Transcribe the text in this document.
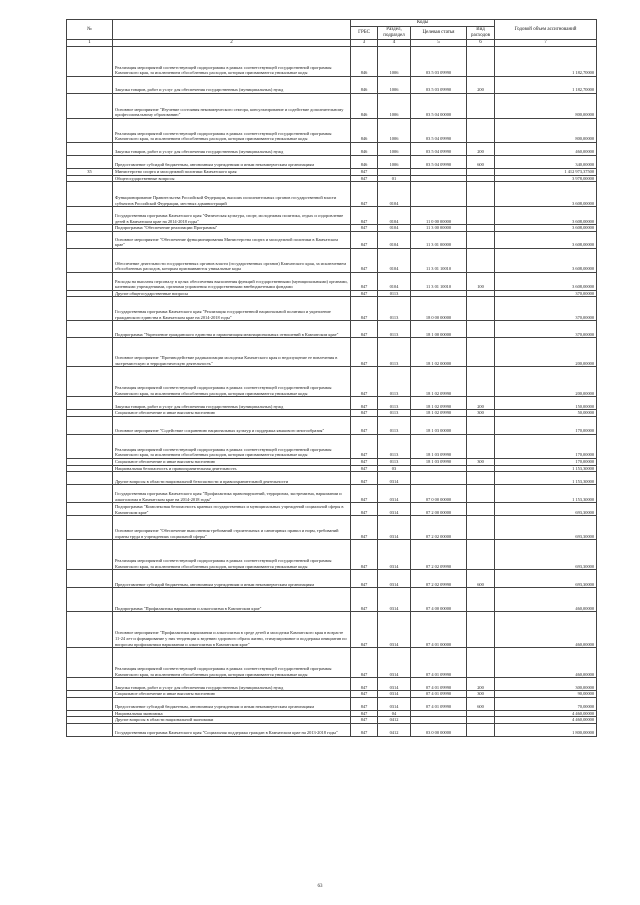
№		Коды				Годовой объем ассигнований
		ГРБС	Раздел, подраздел	Целевая статья	Вид расходов	
1	2	3	4	5	6	7
	Реализация мероприятий соответствующей подпрограммы в рамках соответствующей государственной программы Камчатского края, за исключением обособленных расходов, которым присваиваются уникальные коды	846	1006	03 5 03 09990		1 182,70000
	Закупка товаров, работ и услуг для обеспечения государственных (муниципальных) нужд	846	1006	03 5 03 09990	200	1 182,70000
	Основное мероприятие "Изучение состояния некоммерческого сектора, консультирование и содействие дополнительному профессиональному образованию"	846	1006	03 5 04 00000		800,00000
	Реализация мероприятий соответствующей подпрограммы в рамках соответствующей государственной программы Камчатского края, за исключением обособленных расходов, которым присваиваются уникальные коды	846	1006	03 5 04 09990		800,00000
	Закупка товаров, работ и услуг для обеспечения государственных (муниципальных) нужд	846	1006	03 5 04 09990	200	460,00000
	Предоставление субсидий бюджетным, автономным учреждениям и иным некоммерческим организациям	846	1006	03 5 04 09990	600	340,00000
35	Министерство спорта и молодежной политики Камчатского края	847				1 412 973,37500
	Общегосударственные вопросы	847	01			3 978,00000
	Функционирование Правительства Российской Федерации, высших исполнительных органов государственной власти субъектов Российской Федерации, местных администраций	847	0104			3 608,00000
	Государственная программа Камчатского края "Физическая культура, спорт, молодежная политика, отдых и оздоровление детей в Камчатском крае на 2014-2018 годы"	847	0104	11 0 00 00000		3 608,00000
	Подпрограмма "Обеспечение реализации Программы"	847	0104	11 3 00 00000		3 608,00000
	Основное мероприятие "Обеспечение функционирования Министерства спорта и молодежной политики в Камчатском крае"	847	0104	11 3 01 00000		3 608,00000
	Обеспечение деятельности государственных органов власти (государственных органов) Камчатского края, за исключением обособленных расходов, которым присваиваются уникальные коды	847	0104	11 3 01 10010		3 608,00000
	Расходы на выплаты персоналу в целях обеспечения выполнения функций государственными (муниципальными) органами, казенными учреждениями, органами управления государственными внебюджетными фондами	847	0104	11 3 01 10010	100	3 608,00000
	Другие общегосударственные вопросы	847	0113			370,00000
	Государственная программа Камчатского края "Реализация государственной национальной политики и укрепление гражданского единства в Камчатском крае на 2014-2018 годы"	847	0113	18 0 00 00000		370,00000
	Подпрограмма "Укрепление гражданского единства и гармонизация межнациональных отношений в Камчатском крае"	847	0113	18 1 00 00000		370,00000
	Основное мероприятие "Противодействие радикализации молодежи Камчатского края и недопущение ее вовлечения в экстремистскую и террористическую деятельность"	847	0113	18 1 02 00000		200,00000
	Реализация мероприятий соответствующей подпрограммы в рамках соответствующей государственной программы Камчатского края, за исключением обособленных расходов, которым присваиваются уникальные коды	847	0113	18 1 02 09990		200,00000
	Закупка товаров, работ и услуг для обеспечения государственных (муниципальных) нужд	847	0113	18 1 02 09990	200	150,00000
	Социальное обеспечение и иные выплаты населению	847	0113	18 1 02 09990	300	50,00000
	Основное мероприятие "Содействие сохранению национальных культур и поддержка языкового многообразия"	847	0113	18 1 03 00000		170,00000
	Реализация мероприятий соответствующей подпрограммы в рамках соответствующей государственной программы Камчатского края, за исключением обособленных расходов, которым присваиваются уникальные коды	847	0113	18 1 03 09990		170,00000
	Социальное обеспечение и иные выплаты населению	847	0113	18 1 03 09990	300	170,00000
	Национальная безопасность и правоохранительная деятельность	847	03			1 153,30000
	Другие вопросы в области национальной безопасности и правоохранительной деятельности	847	0314			1 153,30000
	Государственная программа Камчатского края "Профилактика правонарушений, терроризма, экстремизма, наркомании и алкоголизма в Камчатском крае на 2014-2018 годы"	847	0314	07 0 00 00000		1 153,30000
	Подпрограмма "Комплексная безопасность краевых государственных и муниципальных учреждений социальной сферы в Камчатском крае"	847	0314	07 2 00 00000		693,30000
	Основное мероприятие "Обеспечение выполнения требований строительных и санитарных правил и норм, требований охраны труда в учреждениях социальной сферы"	847	0314	07 2 02 00000		693,30000
	Реализация мероприятий соответствующей подпрограммы в рамках соответствующей государственной программы Камчатского края, за исключением обособленных расходов, которым присваиваются уникальные коды	847	0314	07 2 02 09990		693,30000
	Предоставление субсидий бюджетным, автономным учреждениям и иным некоммерческим организациям	847	0314	07 2 02 09990	600	693,30000
	Подпрограмма "Профилактика наркомании и алкоголизма в Камчатском крае"	847	0314	07 4 00 00000		460,00000
	Основное мероприятие "Профилактика наркомании и алкоголизма в среде детей и молодежи Камчатского края в возрасте 11-24 лет и формирование у них тенденции к ведению здорового образа жизни, стимулирование и поддержка инициатив по вопросам профилактики наркомании и алкоголизма в Камчатском крае"	847	0314	07 4 01 00000		460,00000
	Реализация мероприятий соответствующей подпрограммы в рамках соответствующей государственной программы Камчатского края, за исключением обособленных расходов, которым присваиваются уникальные коды	847	0314	07 4 01 09990		460,00000
	Закупка товаров, работ и услуг для обеспечения государственных (муниципальных) нужд	847	0314	07 4 01 09990	200	300,00000
	Социальное обеспечение и иные выплаты населению	847	0314	07 4 01 09990	300	90,00000
	Предоставление субсидий бюджетным, автономным учреждениям и иным некоммерческим организациям	847	0314	07 4 01 09990	600	70,00000
	Национальная экономика	847	04			4 460,00000
	Другие вопросы в области национальной экономики	847	0412			4 460,00000
	Государственная программа Камчатского края "Социальная поддержка граждан в Камчатском крае на 2013-2018 годы"	847	0412	03 0 00 00000		1 800,00000
63
